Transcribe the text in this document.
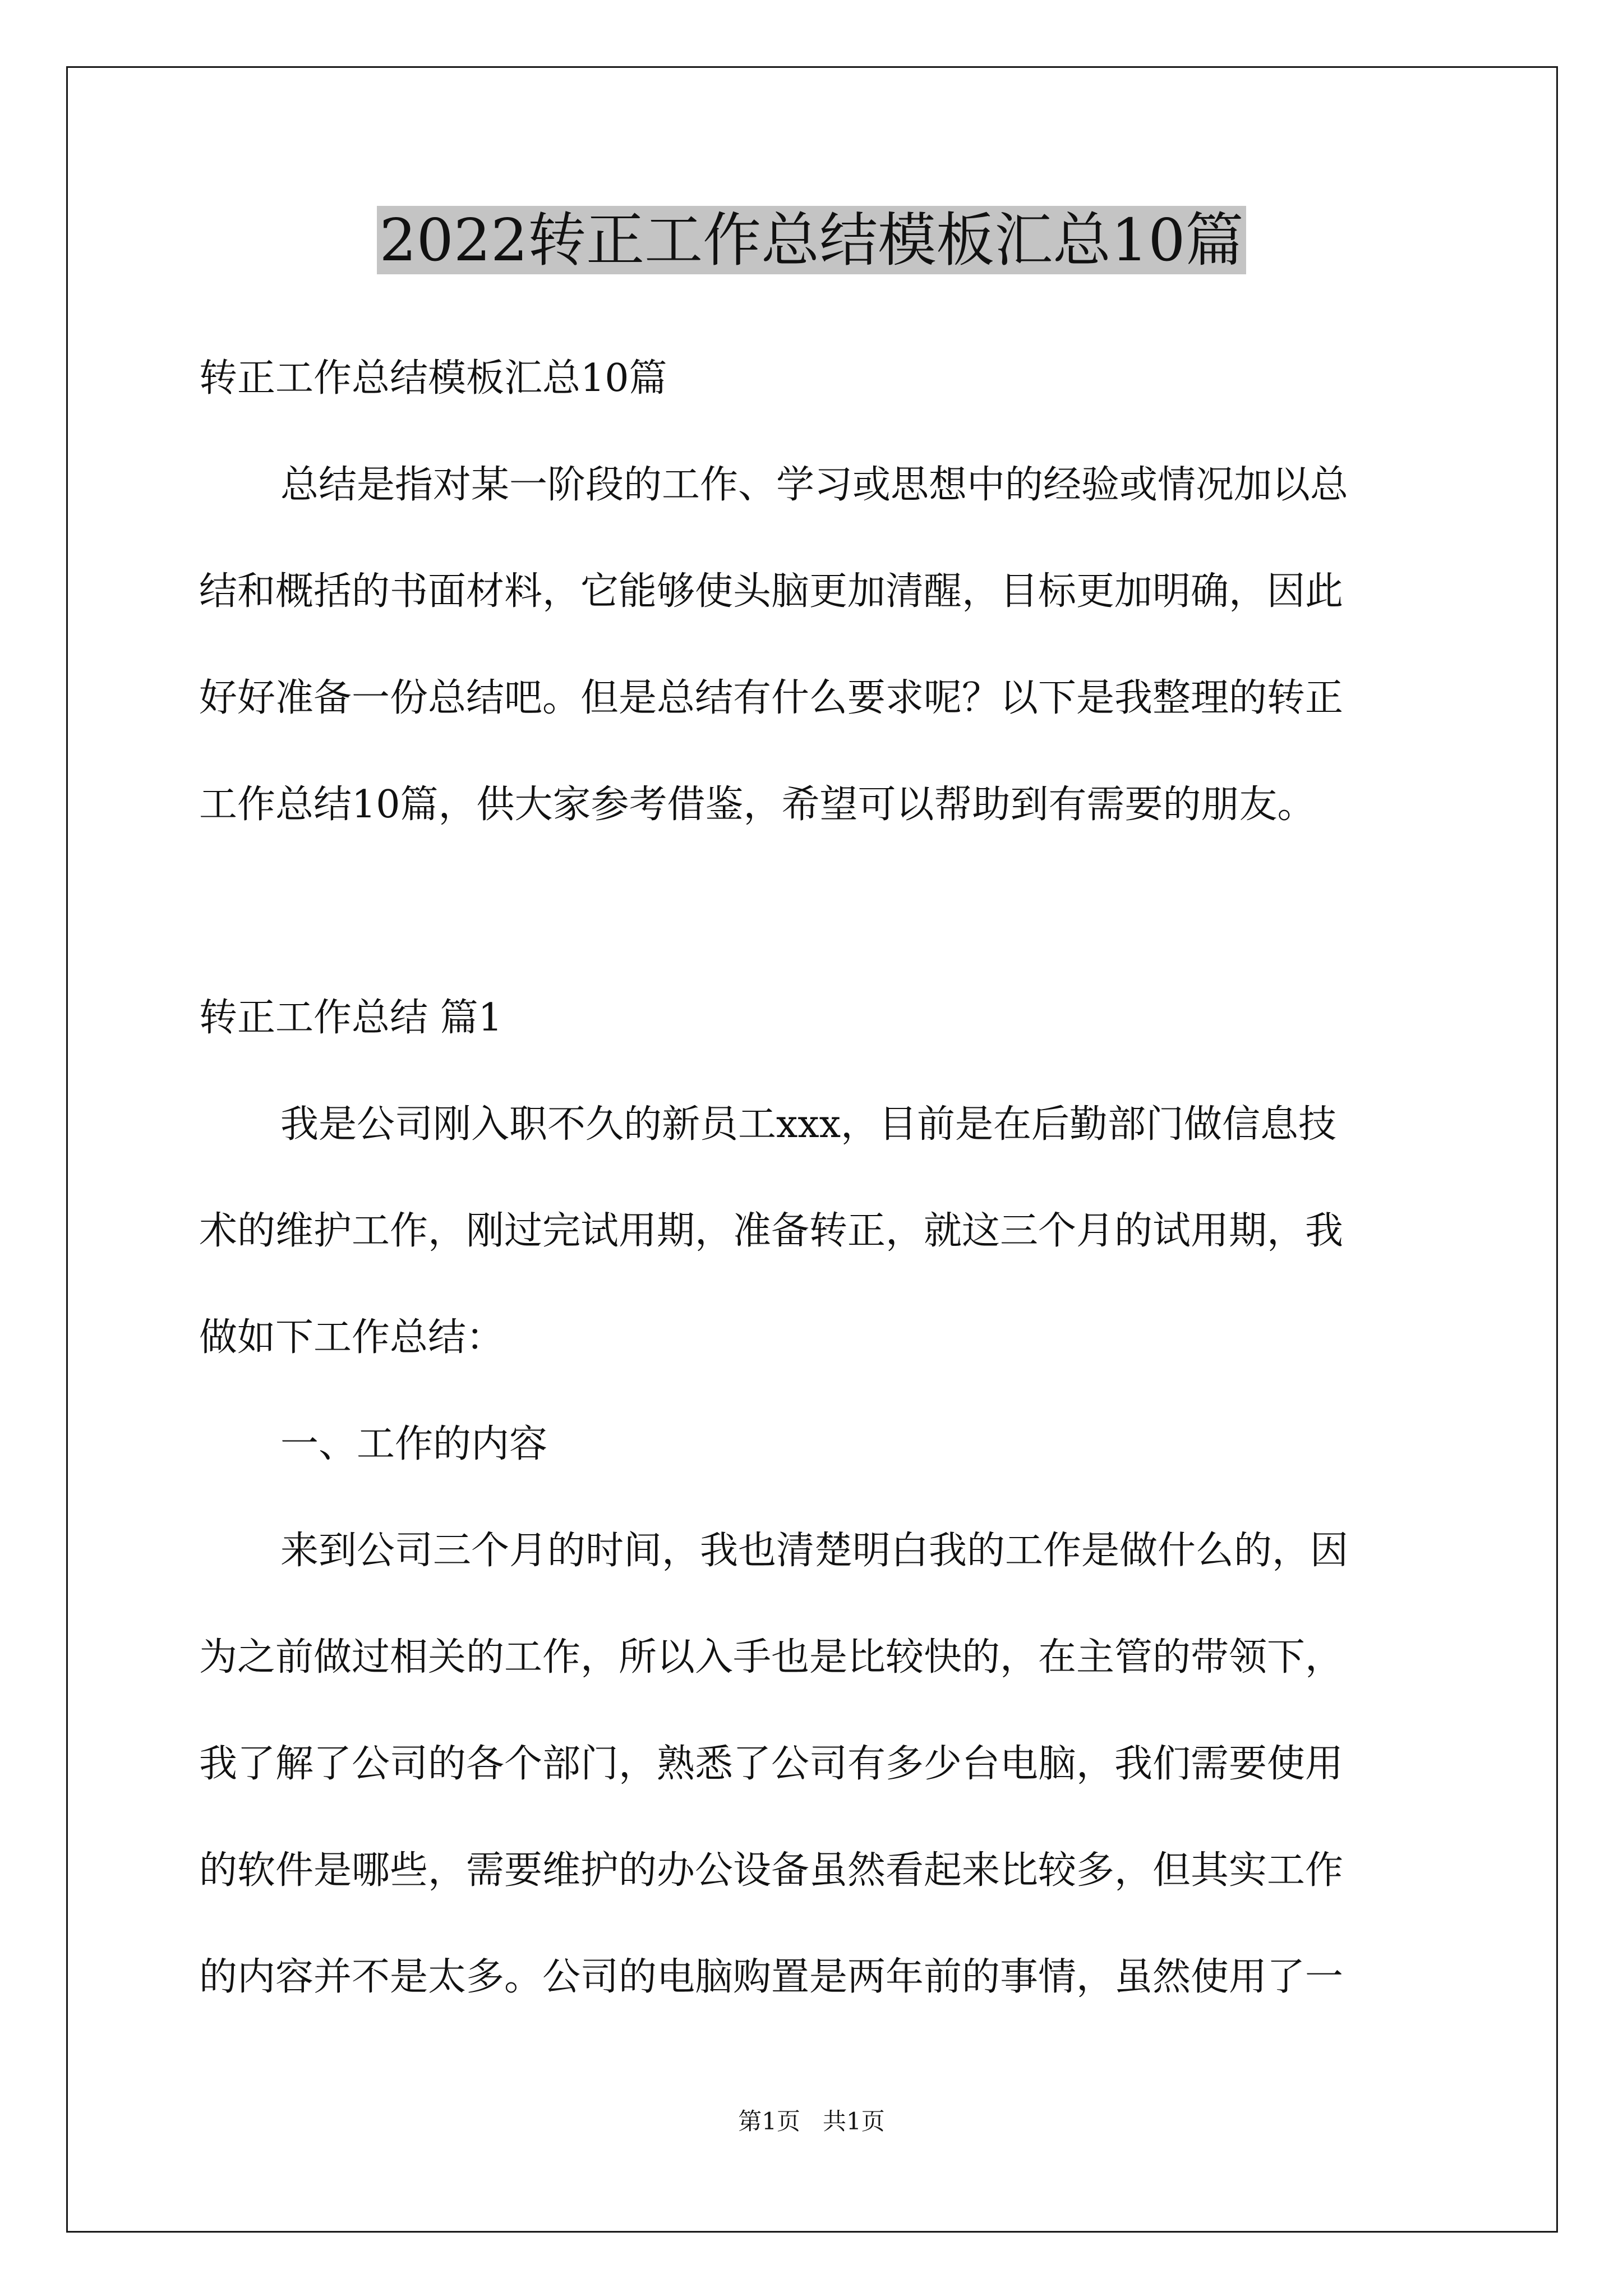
2022转正工作总结模板汇总10篇
转正工作总结模板汇总10篇
总结是指对某一阶段的工作、学习或思想中的经验或情况加以总
结和概括的书面材料，它能够使头脑更加清醒，目标更加明确，因此
好好准备一份总结吧。但是总结有什么要求呢？以下是我整理的转正
工作总结10篇，供大家参考借鉴，希望可以帮助到有需要的朋友。
转正工作总结 篇1
我是公司刚入职不久的新员工xxx，目前是在后勤部门做信息技
术的维护工作，刚过完试用期，准备转正，就这三个月的试用期，我
做如下工作总结：
一、工作的内容
来到公司三个月的时间，我也清楚明白我的工作是做什么的，因
为之前做过相关的工作，所以入手也是比较快的，在主管的带领下，
我了解了公司的各个部门，熟悉了公司有多少台电脑，我们需要使用
的软件是哪些，需要维护的办公设备虽然看起来比较多，但其实工作
的内容并不是太多。公司的电脑购置是两年前的事情，虽然使用了一
第1页   共1页
